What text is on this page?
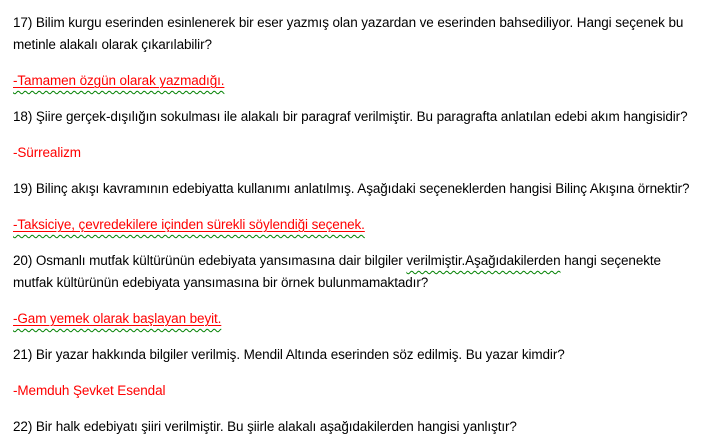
17) Bilim kurgu eserinden esinlenerek bir eser yazmış olan yazardan ve eserinden bahsediliyor. Hangi seçenek bu metinle alakalı olarak çıkarılabilir?

-Tamamen özgün olarak yazmadığı.

18) Şiire gerçek-dışılığın sokulması ile alakalı bir paragraf verilmiştir. Bu paragrafta anlatılan edebi akım hangisidir?

-Sürrealizm

19) Bilinç akışı kavramının edebiyatta kullanımı anlatılmış. Aşağıdaki seçeneklerden hangisi Bilinç Akışına örnektir?

-Taksiciye, çevredekilere içinden sürekli söylendiği seçenek.

20) Osmanlı mutfak kültürünün edebiyata yansımasına dair bilgiler verilmiştir.Aşağıdakilerden hangi seçenekte mutfak kültürünün edebiyata yansımasına bir örnek bulunmamaktadır?

-Gam yemek olarak başlayan beyit.

21) Bir yazar hakkında bilgiler verilmiş. Mendil Altında eserinden söz edilmiş. Bu yazar kimdir?

-Memduh Şevket Esendal

22) Bir halk edebiyatı şiiri verilmiştir. Bu şiirle alakalı aşağıdakilerden hangisi yanlıştır?
